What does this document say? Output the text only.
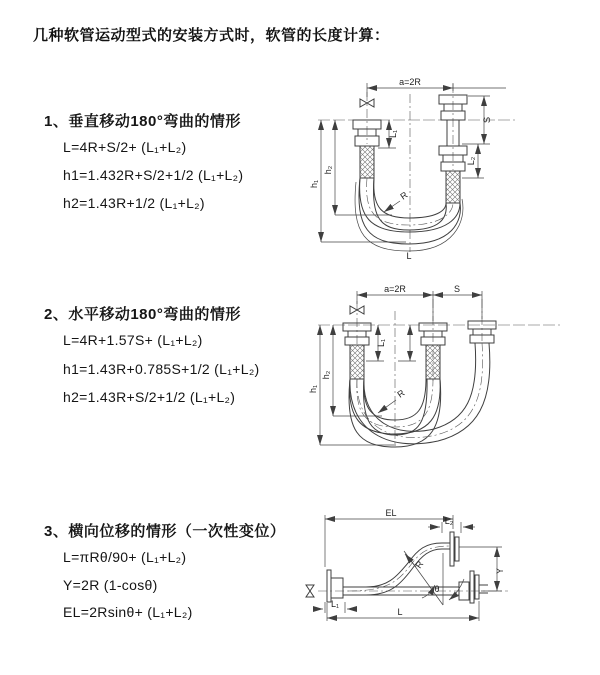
几种软管运动型式的安装方式时，软管的长度计算：
1、垂直移动180°弯曲的情形
L=4R+S/2+ (L₁+L₂)
h1=1.432R+S/2+1/2 (L₁+L₂)
h2=1.43R+1/2 (L₁+L₂)
a=2R
R
h₁
h₂
L₁
S
L₂
L
2、水平移动180°弯曲的情形
L=4R+1.57S+ (L₁+L₂)
h1=1.43R+0.785S+1/2 (L₁+L₂)
h2=1.43R+S/2+1/2 (L₁+L₂)
a=2R	S
L₁
h₁
h₂
R
3、横向位移的情形（一次性变位）
L=πRθ/90+ (L₁+L₂)
Y=2R (1-cosθ)
EL=2Rsinθ+ (L₁+L₂)
EL
L₂
θ
R
Y
L₁
L
